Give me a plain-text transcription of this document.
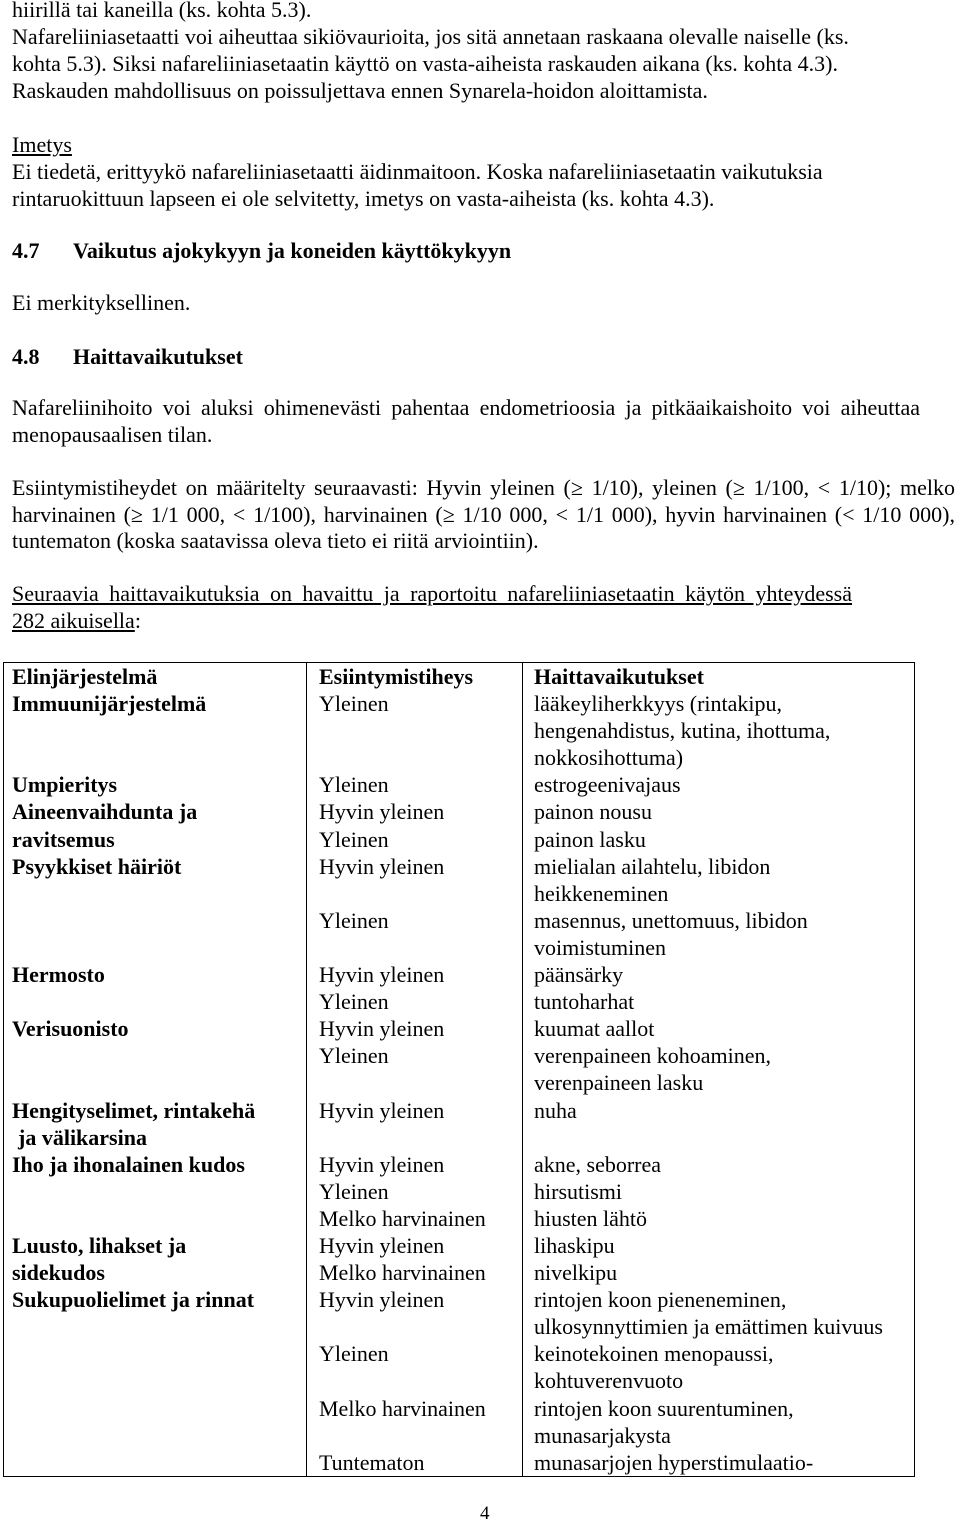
hiirillä tai kaneilla (ks. kohta 5.3).
Nafareliiniasetaatti voi aiheuttaa sikiövaurioita, jos sitä annetaan raskaana olevalle naiselle (ks.
kohta 5.3). Siksi nafareliiniasetaatin käyttö on vasta-aiheista raskauden aikana (ks. kohta 4.3).
Raskauden mahdollisuus on poissuljettava ennen Synarela-hoidon aloittamista.
Imetys
Ei tiedetä, erittyykö nafareliiniasetaatti äidinmaitoon. Koska nafareliiniasetaatin vaikutuksia
rintaruokittuun lapseen ei ole selvitetty, imetys on vasta-aiheista (ks. kohta 4.3).
4.7 Vaikutus ajokykyyn ja koneiden käyttökykyyn
Ei merkityksellinen.
4.8 Haittavaikutukset
Nafareliinihoito voi aluksi ohimenevästi pahentaa endometrioosia ja pitkäaikaishoito voi aiheuttaa
menopausaalisen tilan.
Esiintymistiheydet on määritelty seuraavasti: Hyvin yleinen (≥ 1/10), yleinen (≥ 1/100, < 1/10); melko
harvinainen (≥ 1/1 000, < 1/100), harvinainen (≥ 1/10 000, < 1/1 000), hyvin harvinainen (< 1/10 000),
tuntematon (koska saatavissa oleva tieto ei riitä arviointiin).
Seuraavia haittavaikutuksia on havaittu ja raportoitu nafareliiniasetaatin käytön yhteydessä
282 aikuisella:
Elinjärjestelmä	Esiintymistiheys	Haittavaikutukset
Immuunijärjestelmä	Yleinen	lääkeyliherkkyys (rintakipu,
hengenahdistus, kutina, ihottuma,
nokkosihottuma)
Umpieritys	Yleinen	estrogeenivajaus
Aineenvaihdunta ja
ravitsemus
Hyvin yleinen	painon nousu
Yleinen	painon lasku
Psyykkiset häiriöt	Hyvin yleinen	mielialan ailahtelu, libidon
heikkeneminen
Yleinen	masennus, unettomuus, libidon
voimistuminen
Hermosto	Hyvin yleinen	päänsärky
Yleinen	tuntoharhat
Verisuonisto	Hyvin yleinen	kuumat aallot
Yleinen	verenpaineen kohoaminen,
verenpaineen lasku
Hengityselimet, rintakehä
ja välikarsina
Hyvin yleinen	nuha
Iho ja ihonalainen kudos	Hyvin yleinen	akne, seborrea
Yleinen	hirsutismi
Melko harvinainen	hiusten lähtö
Luusto, lihakset ja
sidekudos
Hyvin yleinen	lihaskipu
Melko harvinainen	nivelkipu
Sukupuolielimet ja rinnat	Hyvin yleinen	rintojen koon pieneneminen,
ulkosynnyttimien ja emättimen kuivuus
Yleinen	keinotekoinen menopaussi,
kohtuverenvuoto
Melko harvinainen	rintojen koon suurentuminen,
munasarjakysta
Tuntematon	munasarjojen hyperstimulaatio-
4
